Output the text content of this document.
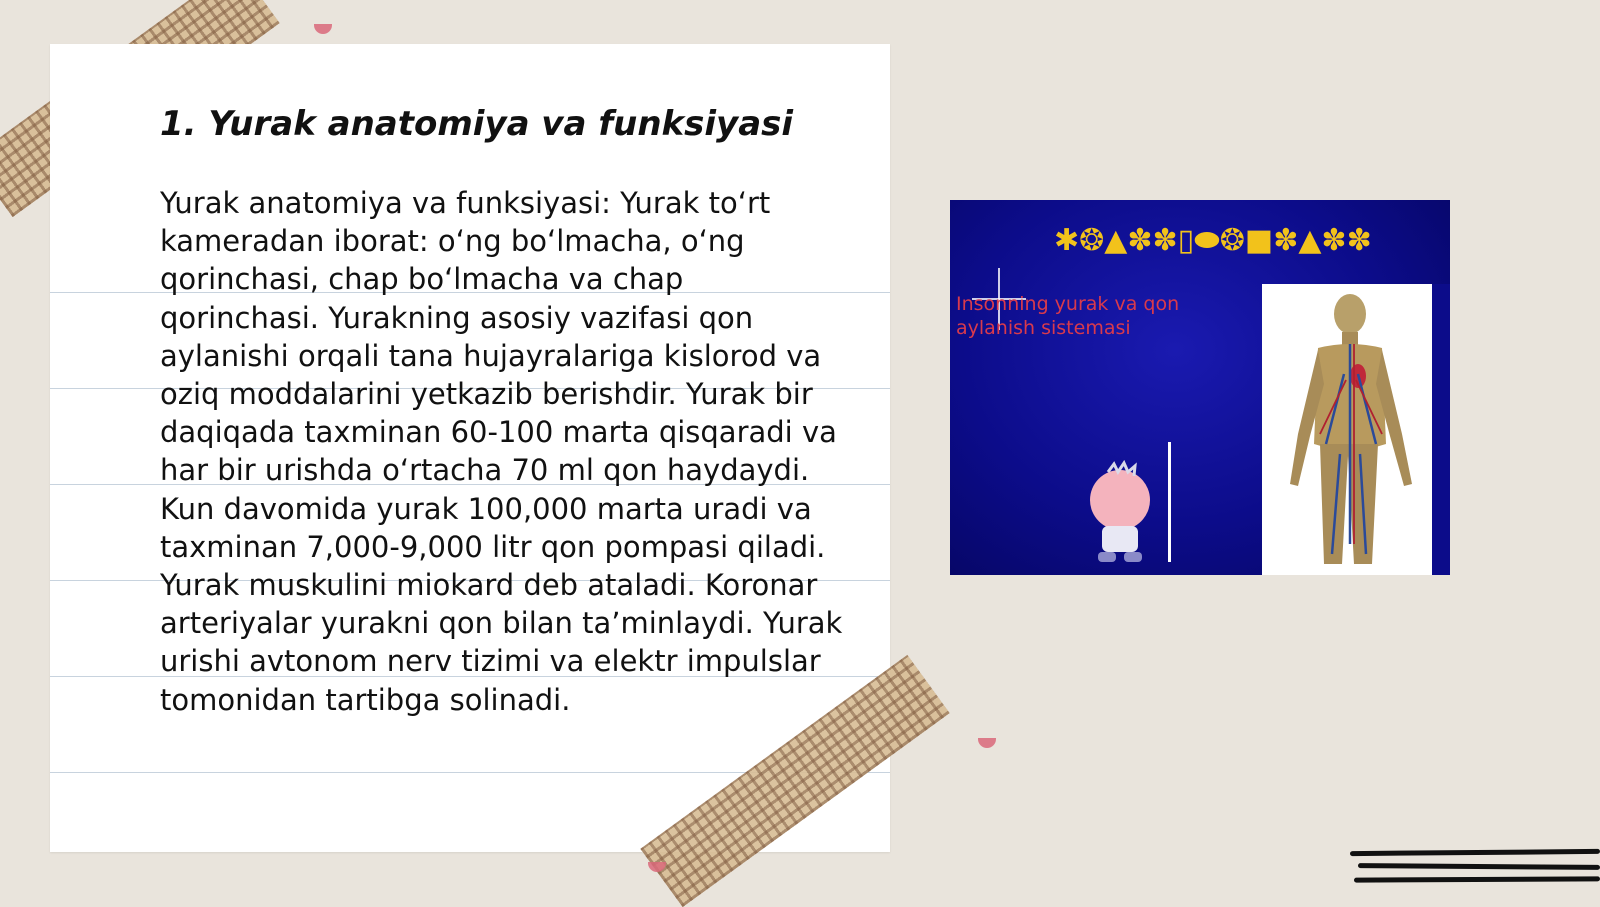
1. Yurak anatomiya va funksiyasi

Yurak anatomiya va funksiyasi: Yurak to‘rt kameradan iborat: o‘ng bo‘lmacha, o‘ng qorinchasi, chap bo‘lmacha va chap qorinchasi. Yurakning asosiy vazifasi qon aylanishi orqali tana hujayralariga kislorod va oziq moddalarini yetkazib berishdir. Yurak bir daqiqada taxminan 60-100 marta qisqaradi va har bir urishda o‘rtacha 70 ml qon haydaydi. Kun davomida yurak 100,000 marta uradi va taxminan 7,000-9,000 litr qon pompasi qiladi. Yurak muskulini miokard deb ataladi. Koronar arteriyalar yurakni qon bilan ta’minlaydi. Yurak urishi avtonom nerv tizimi va elektr impulslar tomonidan tartibga solinadi.

✱❂▲✽✽▯⬬❂■✽▲✽✽

Insonning yurak va qon aylanish sistemasi
